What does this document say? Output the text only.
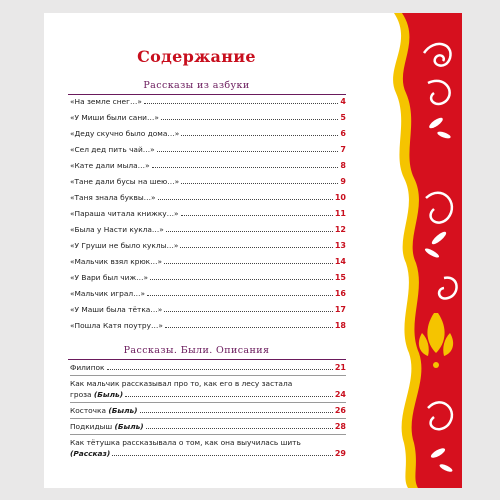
Содержание
Рассказы из азбуки
«На земле снег…»	4
«У Миши были сани…»	5
«Деду скучно было дома…»	6
«Сел дед пить чай…»	7
«Кате дали мыла…»	8
«Тане дали бусы на шею…»	9
«Таня знала буквы…»	10
«Параша читала книжку…»	11
«Была у Насти кукла…»	12
«У Груши не было куклы…»	13
«Мальчик взял крюк…»	14
«У Вари был чиж…»	15
«Мальчик играл…»	16
«У Маши была тётка…»	17
«Пошла Катя поутру…»	18
Рассказы. Были. Описания
Филипок	21
Как мальчик рассказывал про то, как его в лесу застала
гроза
(Быль)	24
Косточка
(Быль)	26
Подкидыш
(Быль)	28
Как тётушка рассказывала о том, как она выучилась шить
(Рассказ)	29
